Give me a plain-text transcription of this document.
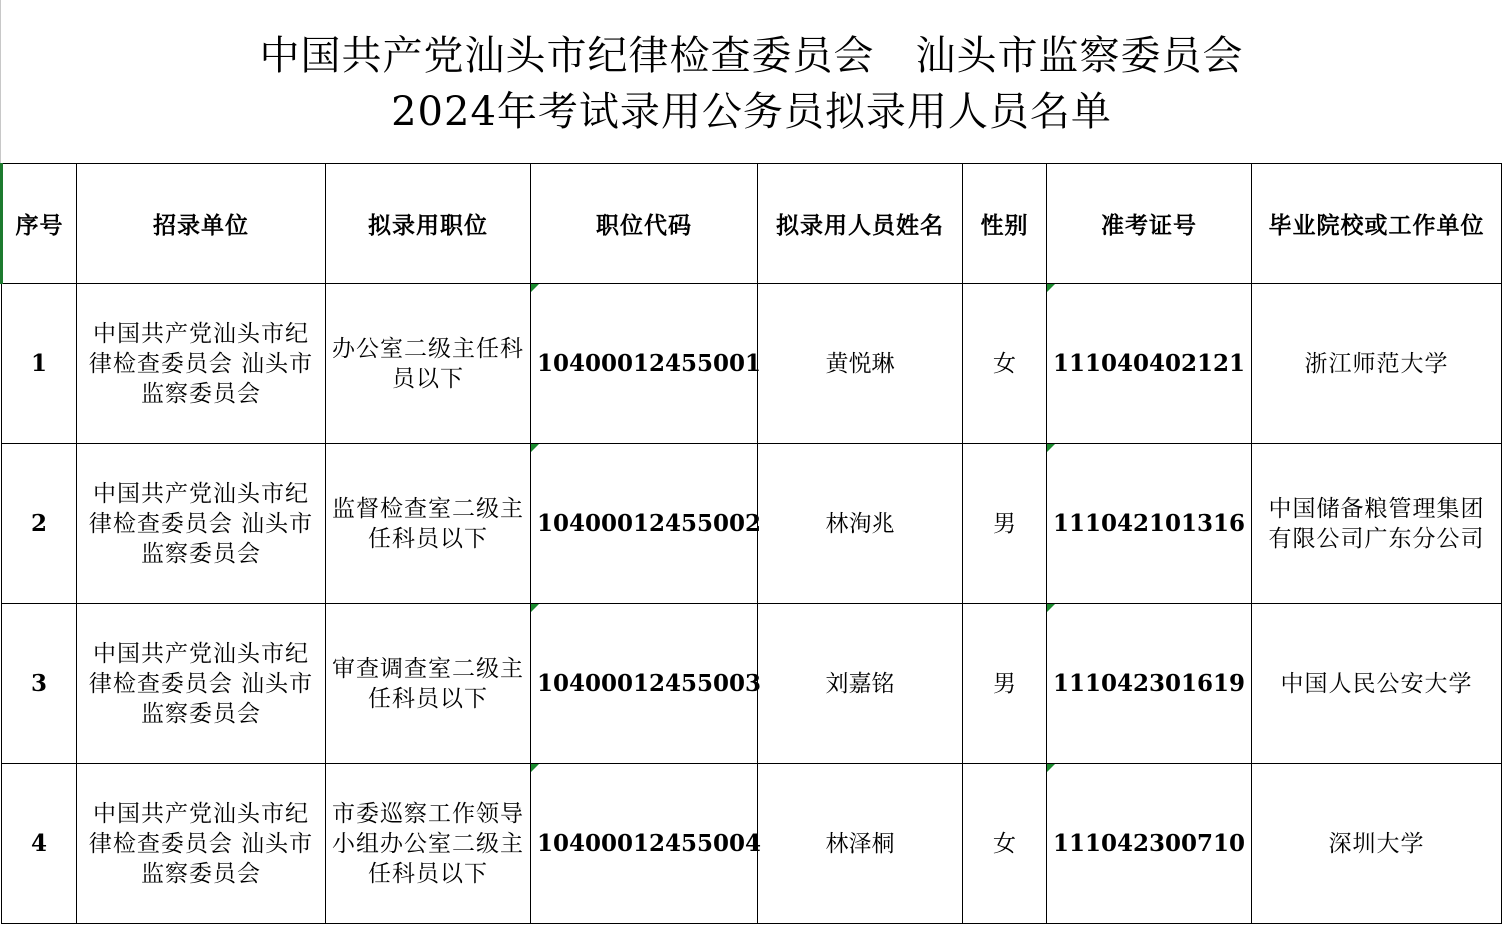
中国共产党汕头市纪律检查委员会　汕头市监察委员会
2024年考试录用公务员拟录用人员名单
序号	招录单位	拟录用职位	职位代码	拟录用人员姓名	性别	准考证号	毕业院校或工作单位
1	中国共产党汕头市纪律检查委员会 汕头市监察委员会	办公室二级主任科员以下	10400012455001	黄悦琳	女	111040402121	浙江师范大学
2	中国共产党汕头市纪律检查委员会 汕头市监察委员会	监督检查室二级主任科员以下	10400012455002	林洵兆	男	111042101316	中国储备粮管理集团有限公司广东分公司
3	中国共产党汕头市纪律检查委员会 汕头市监察委员会	审查调查室二级主任科员以下	10400012455003	刘嘉铭	男	111042301619	中国人民公安大学
4	中国共产党汕头市纪律检查委员会 汕头市监察委员会	市委巡察工作领导小组办公室二级主任科员以下	10400012455004	林泽桐	女	111042300710	深圳大学
